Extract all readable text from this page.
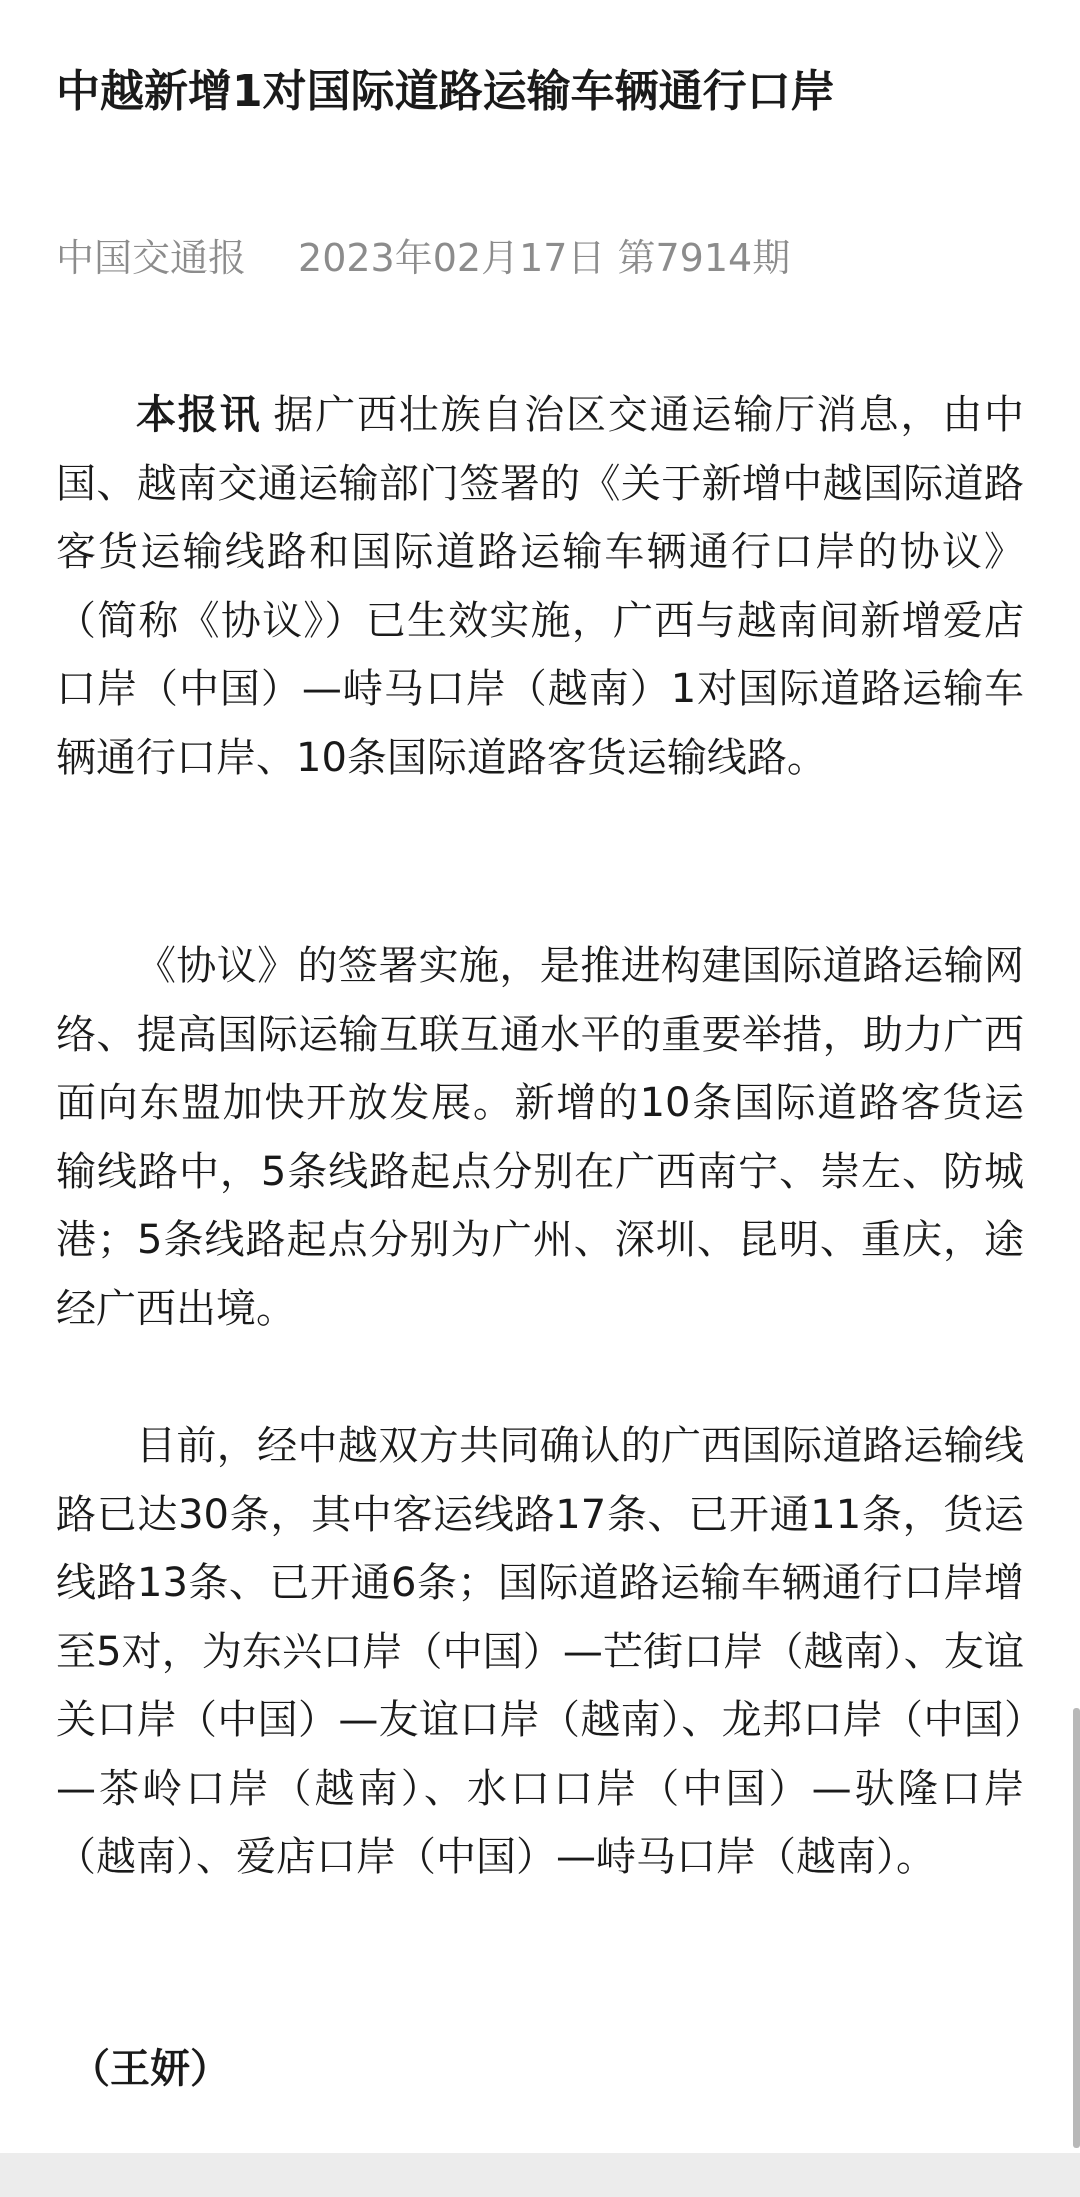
中越新增1对国际道路运输车辆通行口岸
中国交通报 2023年02月17日 第7914期

本报讯 据广西壮族自治区交通运输厅消息，由中国、越南交通运输部门签署的《关于新增中越国际道路客货运输线路和国际道路运输车辆通行口岸的协议》（简称《协议》）已生效实施，广西与越南间新增爱店口岸（中国）—峙马口岸（越南）1对国际道路运输车辆通行口岸、10条国际道路客货运输线路。

《协议》的签署实施，是推进构建国际道路运输网络、提高国际运输互联互通水平的重要举措，助力广西面向东盟加快开放发展。新增的10条国际道路客货运输线路中，5条线路起点分别在广西南宁、崇左、防城港；5条线路起点分别为广州、深圳、昆明、重庆，途经广西出境。

目前，经中越双方共同确认的广西国际道路运输线路已达30条，其中客运线路17条、已开通11条，货运线路13条、已开通6条；国际道路运输车辆通行口岸增至5对，为东兴口岸（中国）—芒街口岸（越南）、友谊关口岸（中国）—友谊口岸（越南）、龙邦口岸（中国）—茶岭口岸（越南）、水口口岸（中国）—驮隆口岸（越南）、爱店口岸（中国）—峙马口岸（越南）。

（王妍）
